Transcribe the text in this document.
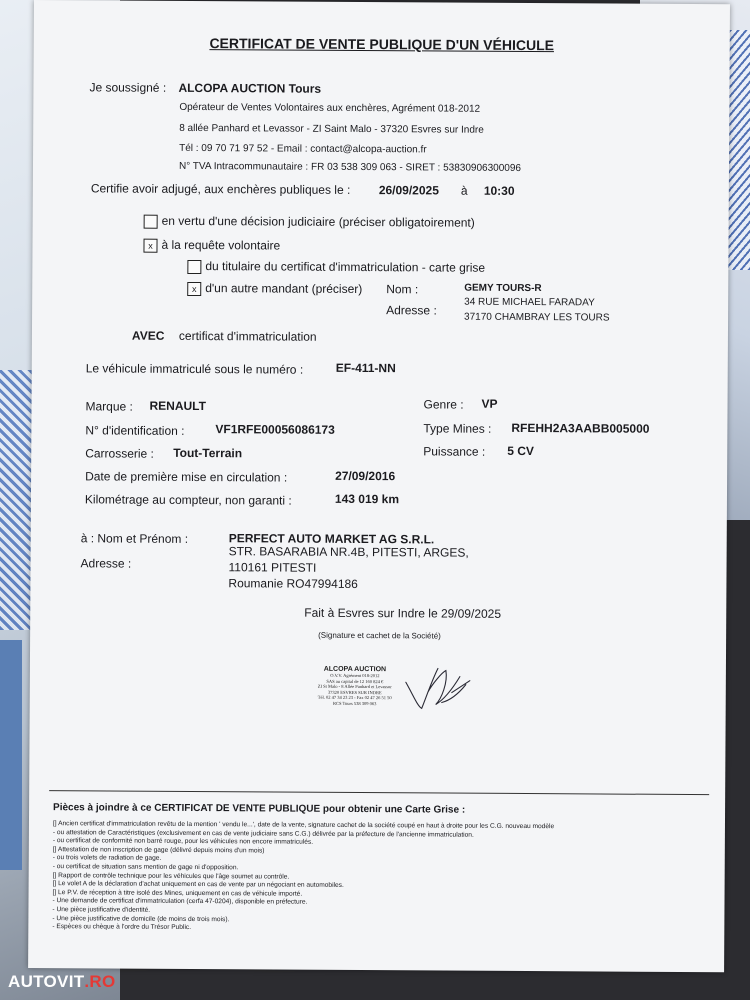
CERTIFICAT DE VENTE PUBLIQUE D'UN VÉHICULE
Je soussigné : ALCOPA AUCTION Tours
Opérateur de Ventes Volontaires aux enchères, Agrément 018-2012
8 allée Panhard et Levassor - ZI Saint Malo - 37320 Esvres sur Indre
Tél : 09 70 71 97 52 - Email : contact@alcopa-auction.fr
N° TVA Intracommunautaire : FR 03 538 309 063 - SIRET : 53830906300096
Certifie avoir adjugé, aux enchères publiques le : 26/09/2025 à 10:30
en vertu d'une décision judiciaire (préciser obligatoirement)
x à la requête volontaire
du titulaire du certificat d'immatriculation - carte grise
x d'un autre mandant (préciser) Nom :	GEMY TOURS-R
34 RUE MICHAEL FARADAY
Adresse :
37170 CHAMBRAY LES TOURS
AVEC certificat d'immatriculation
Le véhicule immatriculé sous le numéro :	EF-411-NN
Marque : RENAULT	Genre : VP
N° d'identification :	VF1RFE00056086173	Type Mines : RFEHH2A3AABB005000
Carrosserie : Tout-Terrain	Puissance : 5 CV
Date de première mise en circulation :	27/09/2016
Kilométrage au compteur, non garanti :	143 019 km
à : Nom et Prénom :	PERFECT AUTO MARKET AG S.R.L.
Adresse :
STR. BASARABIA NR.4B, PITESTI, ARGES,
110161 PITESTI
Roumanie RO47994186
Fait à Esvres sur Indre le 29/09/2025
(Signature et cachet de la Société)
ALCOPA AUCTION
O.V.V. Agrément 018-2012
SAS au capital de 12 160 824 €
ZI St Malo - 8 Allée Panhard et Levassor
37320 ESVRES SUR INDRE
Tél. 02 47 34 23 23 - Fax 02 47 26 51 50
RCS Tours 538 309 063
Pièces à joindre à ce CERTIFICAT DE VENTE PUBLIQUE pour obtenir une Carte Grise :
[] Ancien certificat d'immatriculation revêtu de la mention ' vendu le...', date de la vente, signature cachet de la société coupé en haut à droite pour les C.G. nouveau modèle
- ou attestation de Caractéristiques (exclusivement en cas de vente judiciaire sans C.G.) délivrée par la préfecture de l'ancienne immatriculation.
- ou certificat de conformité non barré rouge, pour les véhicules non encore immatriculés.
[] Attestation de non inscription de gage (délivré depuis moins d'un mois)
- ou trois volets de radiation de gage.
- ou certificat de situation sans mention de gage ni d'opposition.
[] Rapport de contrôle technique pour les véhicules que l'âge soumet au contrôle.
[] Le volet A de la déclaration d'achat uniquement en cas de vente par un négociant en automobiles.
[] Le P.V. de réception à titre isolé des Mines, uniquement en cas de véhicule importé.
- Une demande de certificat d'immatriculation (cerfa 47-0204), disponible en préfecture.
- Une pièce justificative d'identité.
- Une pièce justificative de domicile (de moins de trois mois).
- Espèces ou chèque à l'ordre du Trésor Public.
AUTOVIT.RO
